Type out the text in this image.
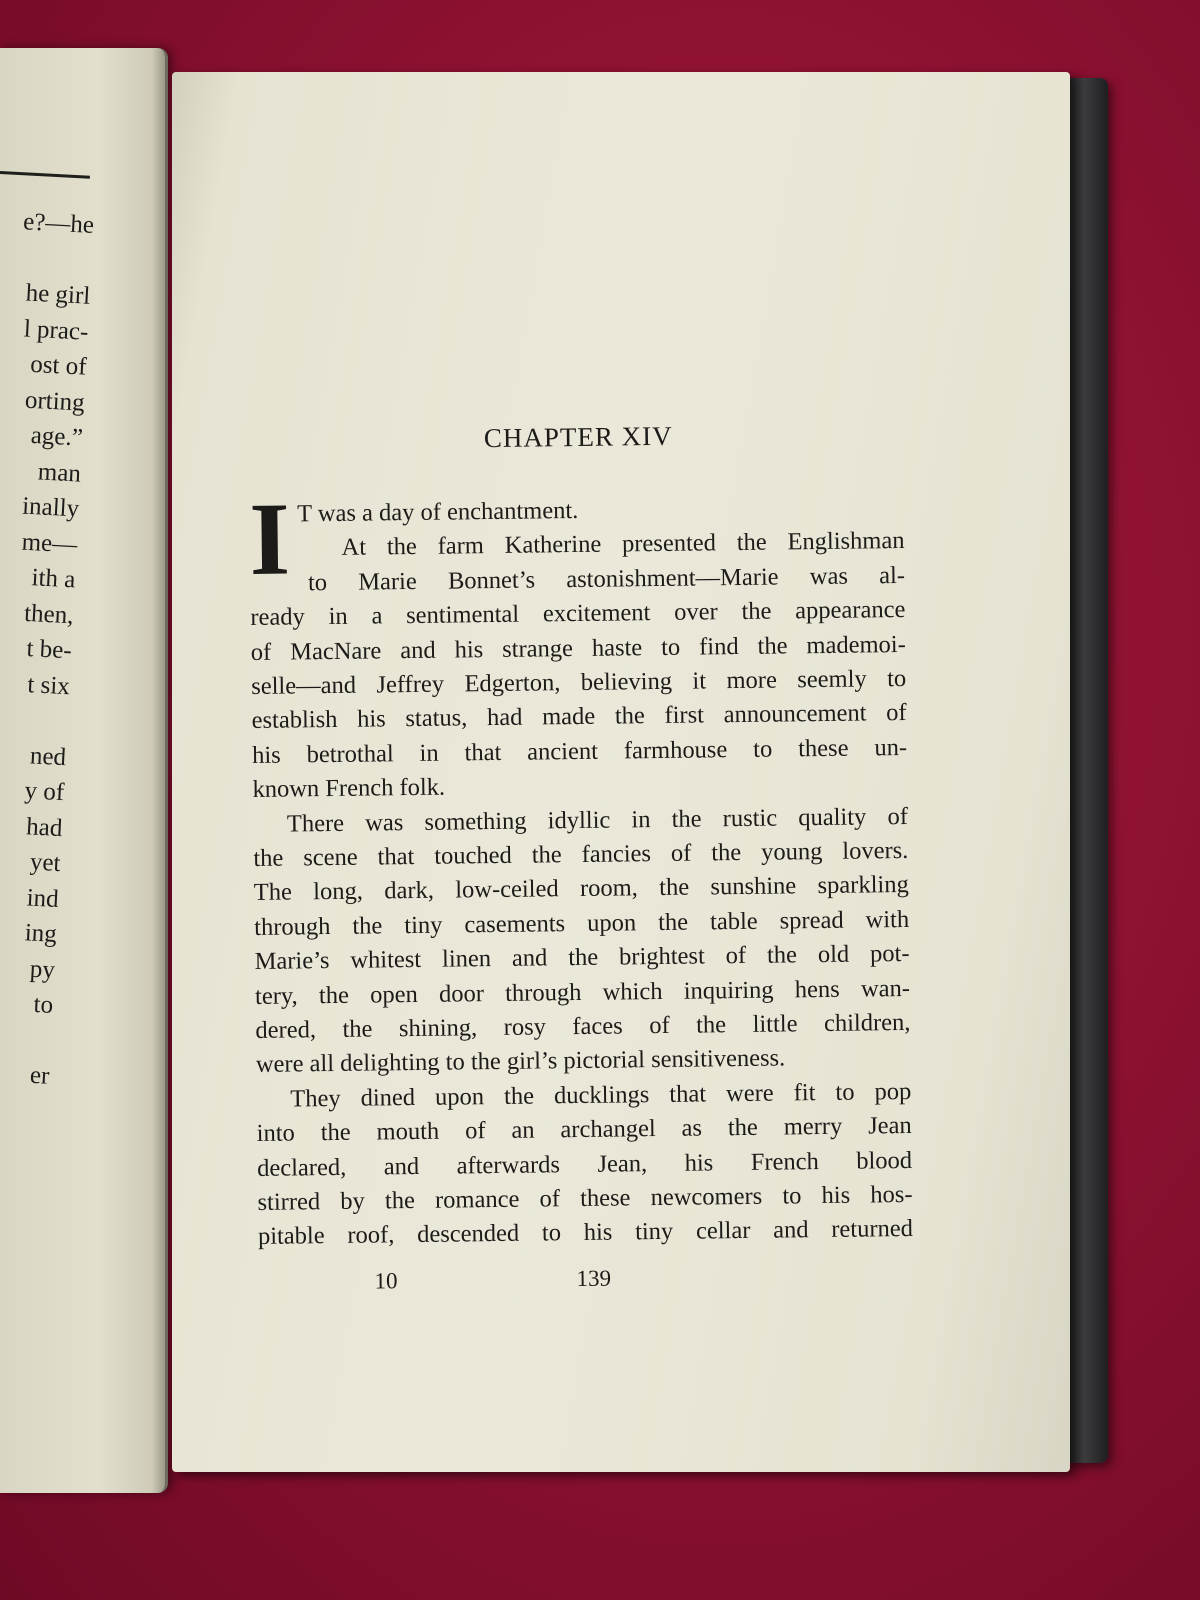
e?—he
he girl
l prac-
ost of
orting
age.”
man
inally
me—
ith a
then,
t be-
t six
ned
y of
had
yet
ind
ing
py
to
er
CHAPTER XIV
I
10	139
T was a day of enchantment.
At the farm Katherine presented the Englishman
to Marie Bonnet’s astonishment—Marie was al-
ready in a sentimental excitement over the appearance
of MacNare and his strange haste to find the mademoi-
selle—and Jeffrey Edgerton, believing it more seemly to
establish his status, had made the first announcement of
his betrothal in that ancient farmhouse to these un-
known French folk.
There was something idyllic in the rustic quality of
the scene that touched the fancies of the young lovers.
The long, dark, low-ceiled room, the sunshine sparkling
through the tiny casements upon the table spread with
Marie’s whitest linen and the brightest of the old pot-
tery, the open door through which inquiring hens wan-
dered, the shining, rosy faces of the little children,
were all delighting to the girl’s pictorial sensitiveness.
They dined upon the ducklings that were fit to pop
into the mouth of an archangel as the merry Jean
declared, and afterwards Jean, his French blood
stirred by the romance of these newcomers to his hos-
pitable roof, descended to his tiny cellar and returned
